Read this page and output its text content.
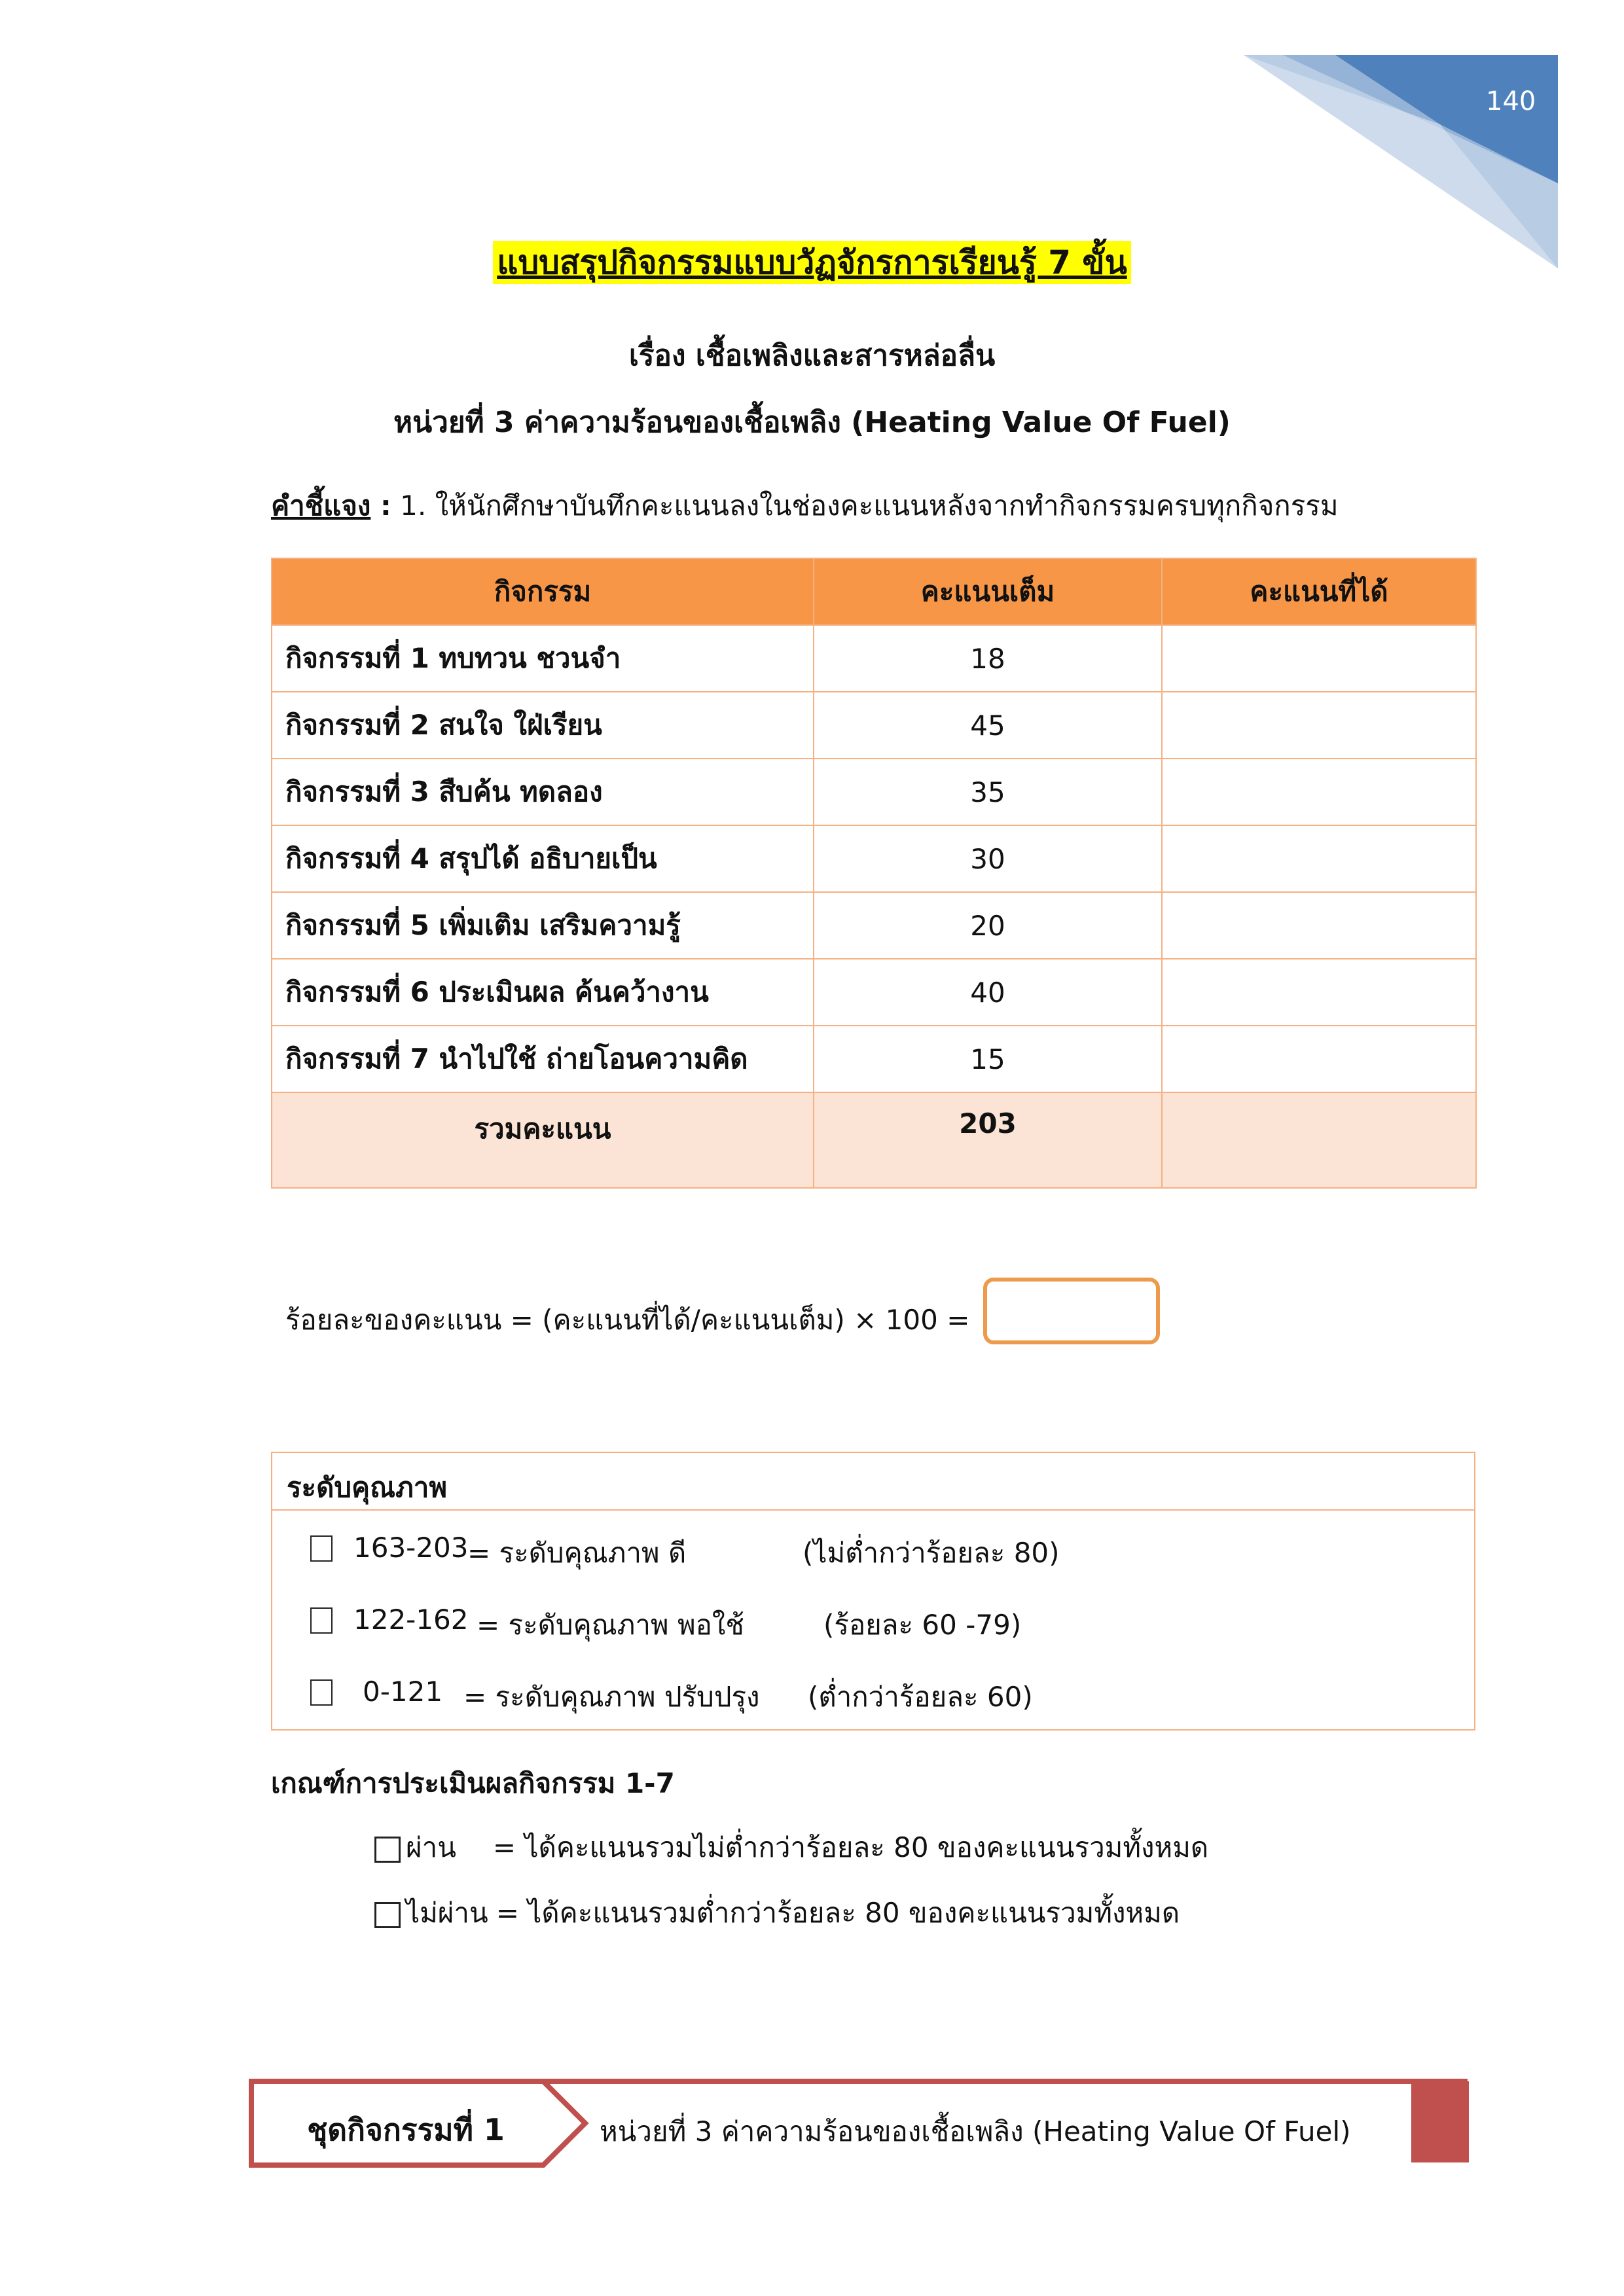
140
แบบสรุปกิจกรรมแบบวัฏจักรการเรียนรู้ 7 ขั้น
เรื่อง เชื้อเพลิงและสารหล่อลื่น
หน่วยที่ 3 ค่าความร้อนของเชื้อเพลิง (Heating Value Of Fuel)
คำชี้แจง : 1. ให้นักศึกษาบันทึกคะแนนลงในช่องคะแนนหลังจากทำกิจกรรมครบทุกกิจกรรม
กิจกรรม	คะแนนเต็ม	คะแนนที่ได้
กิจกรรมที่ 1 ทบทวน ชวนจำ	18	
กิจกรรมที่ 2 สนใจ ใฝ่เรียน	45	
กิจกรรมที่ 3 สืบค้น ทดลอง	35	
กิจกรรมที่ 4 สรุปได้ อธิบายเป็น	30	
กิจกรรมที่ 5 เพิ่มเติม เสริมความรู้	20	
กิจกรรมที่ 6 ประเมินผล ค้นคว้างาน	40	
กิจกรรมที่ 7 นำไปใช้ ถ่ายโอนความคิด	15	
รวมคะแนน	203	
ร้อยละของคะแนน = (คะแนนที่ได้/คะแนนเต็ม) × 100 =
ระดับคุณภาพ
163-203
= ระดับคุณภาพ ดี	(ไม่ต่ำกว่าร้อยละ 80)
122-162 = ระดับคุณภาพ พอใช้	(ร้อยละ 60 -79)
0-121 = ระดับคุณภาพ ปรับปรุง (ต่ำกว่าร้อยละ 60)
เกณฑ์การประเมินผลกิจกรรม 1-7
ผ่าน = ได้คะแนนรวมไม่ต่ำกว่าร้อยละ 80 ของคะแนนรวมทั้งหมด
ไม่ผ่าน = ได้คะแนนรวมต่ำกว่าร้อยละ 80 ของคะแนนรวมทั้งหมด
ชุดกิจกรรมที่ 1	หน่วยที่ 3 ค่าความร้อนของเชื้อเพลิง (Heating Value Of Fuel)
